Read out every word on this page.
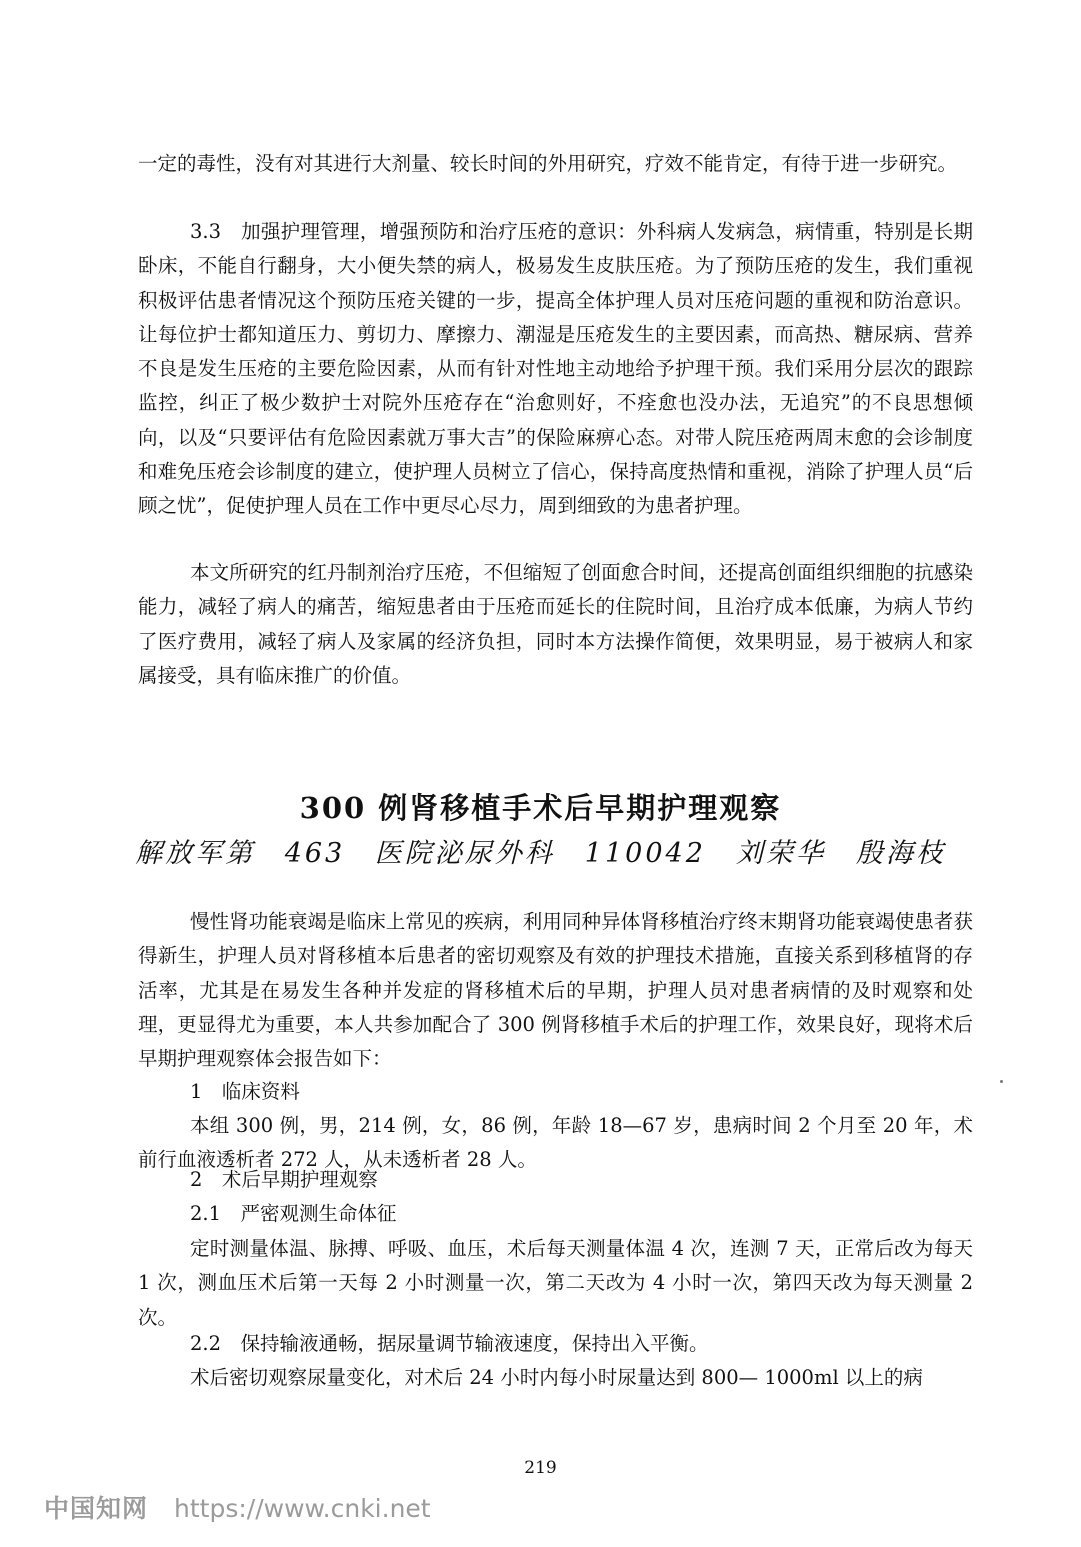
一定的毒性，没有对其进行大剂量、较长时间的外用研究，疗效不能肯定，有待于进一步研究。

3.3　加强护理管理，增强预防和治疗压疮的意识：外科病人发病急，病情重，特别是长期卧床，不能自行翻身，大小便失禁的病人，极易发生皮肤压疮。为了预防压疮的发生，我们重视积极评估患者情况这个预防压疮关键的一步，提高全体护理人员对压疮问题的重视和防治意识。让每位护士都知道压力、剪切力、摩擦力、潮湿是压疮发生的主要因素，而高热、糖尿病、营养不良是发生压疮的主要危险因素，从而有针对性地主动地给予护理干预。我们采用分层次的跟踪监控，纠正了极少数护士对院外压疮存在“治愈则好，不痊愈也没办法，无追究”的不良思想倾向，以及“只要评估有危险因素就万事大吉”的保险麻痹心态。对带人院压疮两周末愈的会诊制度和难免压疮会诊制度的建立，使护理人员树立了信心，保持高度热情和重视，消除了护理人员“后顾之忧”，促使护理人员在工作中更尽心尽力，周到细致的为患者护理。

本文所研究的红丹制剂治疗压疮，不但缩短了创面愈合时间，还提高创面组织细胞的抗感染能力，减轻了病人的痛苦，缩短患者由于压疮而延长的住院时间，且治疗成本低廉，为病人节约了医疗费用，减轻了病人及家属的经济负担，同时本方法操作简便，效果明显，易于被病人和家属接受，具有临床推广的价值。

300 例肾移植手术后早期护理观察

解放军第 463 医院泌尿外科　110042　刘荣华　殷海枝

慢性肾功能衰竭是临床上常见的疾病，利用同种异体肾移植治疗终末期肾功能衰竭使患者获得新生，护理人员对肾移植本后患者的密切观察及有效的护理技术措施，直接关系到移植肾的存活率，尤其是在易发生各种并发症的肾移植术后的早期，护理人员对患者病情的及时观察和处理，更显得尤为重要，本人共参加配合了 300 例肾移植手术后的护理工作，效果良好，现将术后早期护理观察体会报告如下：

1　临床资料

本组 300 例，男，214 例，女，86 例，年龄 18—67 岁，患病时间 2 个月至 20 年，术前行血液透析者 272 人，从未透析者 28 人。

2　术后早期护理观察

2.1　严密观测生命体征

定时测量体温、脉搏、呼吸、血压，术后每天测量体温 4 次，连测 7 天，正常后改为每天 1 次，测血压术后第一天每 2 小时测量一次，第二天改为 4 小时一次，第四天改为每天测量 2 次。

2.2　保持输液通畅，据尿量调节输液速度，保持出入平衡。

术后密切观察尿量变化，对术后 24 小时内每小时尿量达到 800— 1000ml 以上的病

219

中国知网 https://www.cnki.net
